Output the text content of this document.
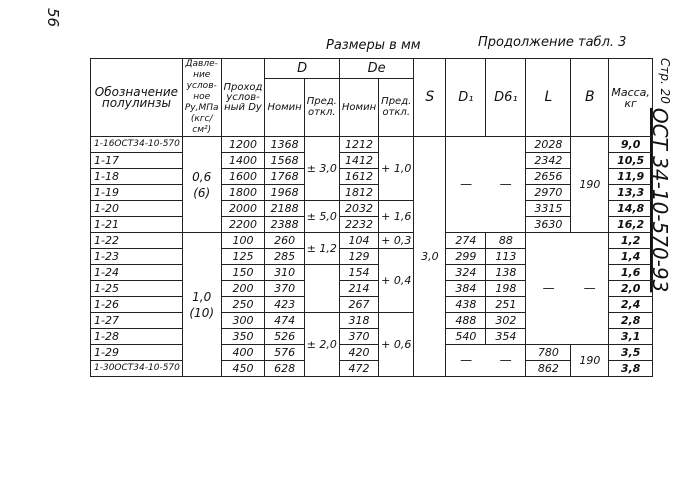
56
Размеры в мм	Продолжение табл. 3
$^{Стр. 20}$ОСТ 34-10-570-93
Обозначение полулинзы	Давле- ние услов- ное Ру,МПа (кгс/см²)	Проход услов- ный Dу	D		Dе		S	D₁	D6₁	L	B	Масса, кг
			Номин	Пред. откл.	Номин	Пред. откл.						
1-16ОСТ34-10-570	0,6 (6)	1200	1368	± 3,0	1212	+ 1,0	3,0	—	—	2028	190	9,0
1-17		1400	1568		1412					2342		10,5
1-18		1600	1768		1612					2656		11,9
1-19		1800	1968		1812					2970		13,3
1-20		2000	2188	± 5,0	2032	+ 1,6				3315		14,8
1-21		2200	2388		2232					3630		16,2
1-22	1,0 (10)	100	260	± 1,2	104	+ 0,3		274	88	—	—	1,2
1-23		125	285		129	+ 0,4		299	113			1,4
1-24		150	310		154			324	138			1,6
1-25		200	370		214			384	198			2,0
1-26		250	423		267			438	251			2,4
1-27		300	474	± 2,0	318	+ 0,6		488	302			2,8
1-28		350	526		370			540	354			3,1
1-29		400	576		420			—	—	780	190	3,5
1-30ОСТ34-10-570		450	628		472					862		3,8
